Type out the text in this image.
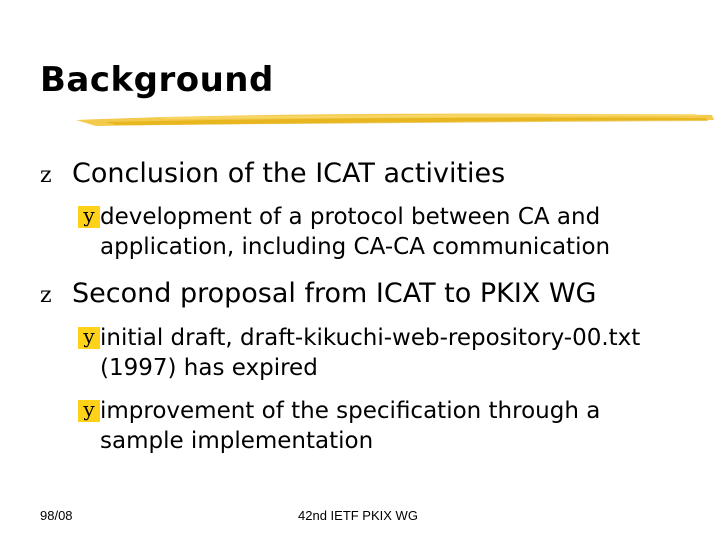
Background
z Conclusion of the ICAT activities
y development of a protocol between CA and application, including CA-CA communication
z Second proposal from ICAT to PKIX WG
y initial draft, draft-kikuchi-web-repository-00.txt (1997) has expired
y improvement of the specification through a sample implementation
98/08	42nd IETF PKIX WG
